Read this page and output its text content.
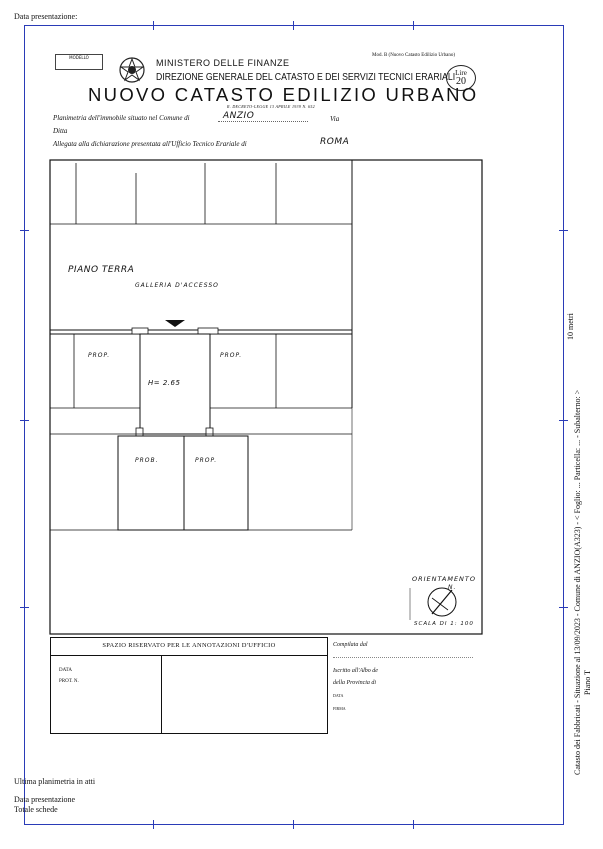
Data presentazione:
MODELLO
MINISTERO DELLE FINANZE
DIREZIONE GENERALE DEL CATASTO E DEI SERVIZI TECNICI ERARIALI
Mod. B (Nuovo Catasto Edilizio Urbano)
Lire
20
NUOVO CATASTO EDILIZIO URBANO
R. DECRETO-LEGGE 13 APRILE 1939 N. 652
Planimetria dell'immobile situato nel Comune di	ANZIO	Via
Ditta
Allegata alla dichiarazione presentata all'Ufficio Tecnico Erariale di	ROMA
PIANO TERRA
GALLERIA D'ACCESSO
PROP.	PROP.
PROB.	PROP.
H= 2.65
ORIENTAMENTO
N.
SCALA DI 1: 100
SPAZIO RISERVATO PER LE ANNOTAZIONI D'UFFICIO
DATA
PROT. N.
Compilata dal
Iscritto all'Albo de
della Provincia di
DATA
FIRMA
10 metri
Catasto dei Fabbricati - Situazione al 13/09/2023 - Comune di ANZIO(A323) - < Foglio: ... Particella: ... - Subalterno: > Piano T
Ultima planimetria in atti
Data presentazione
Totale schede
